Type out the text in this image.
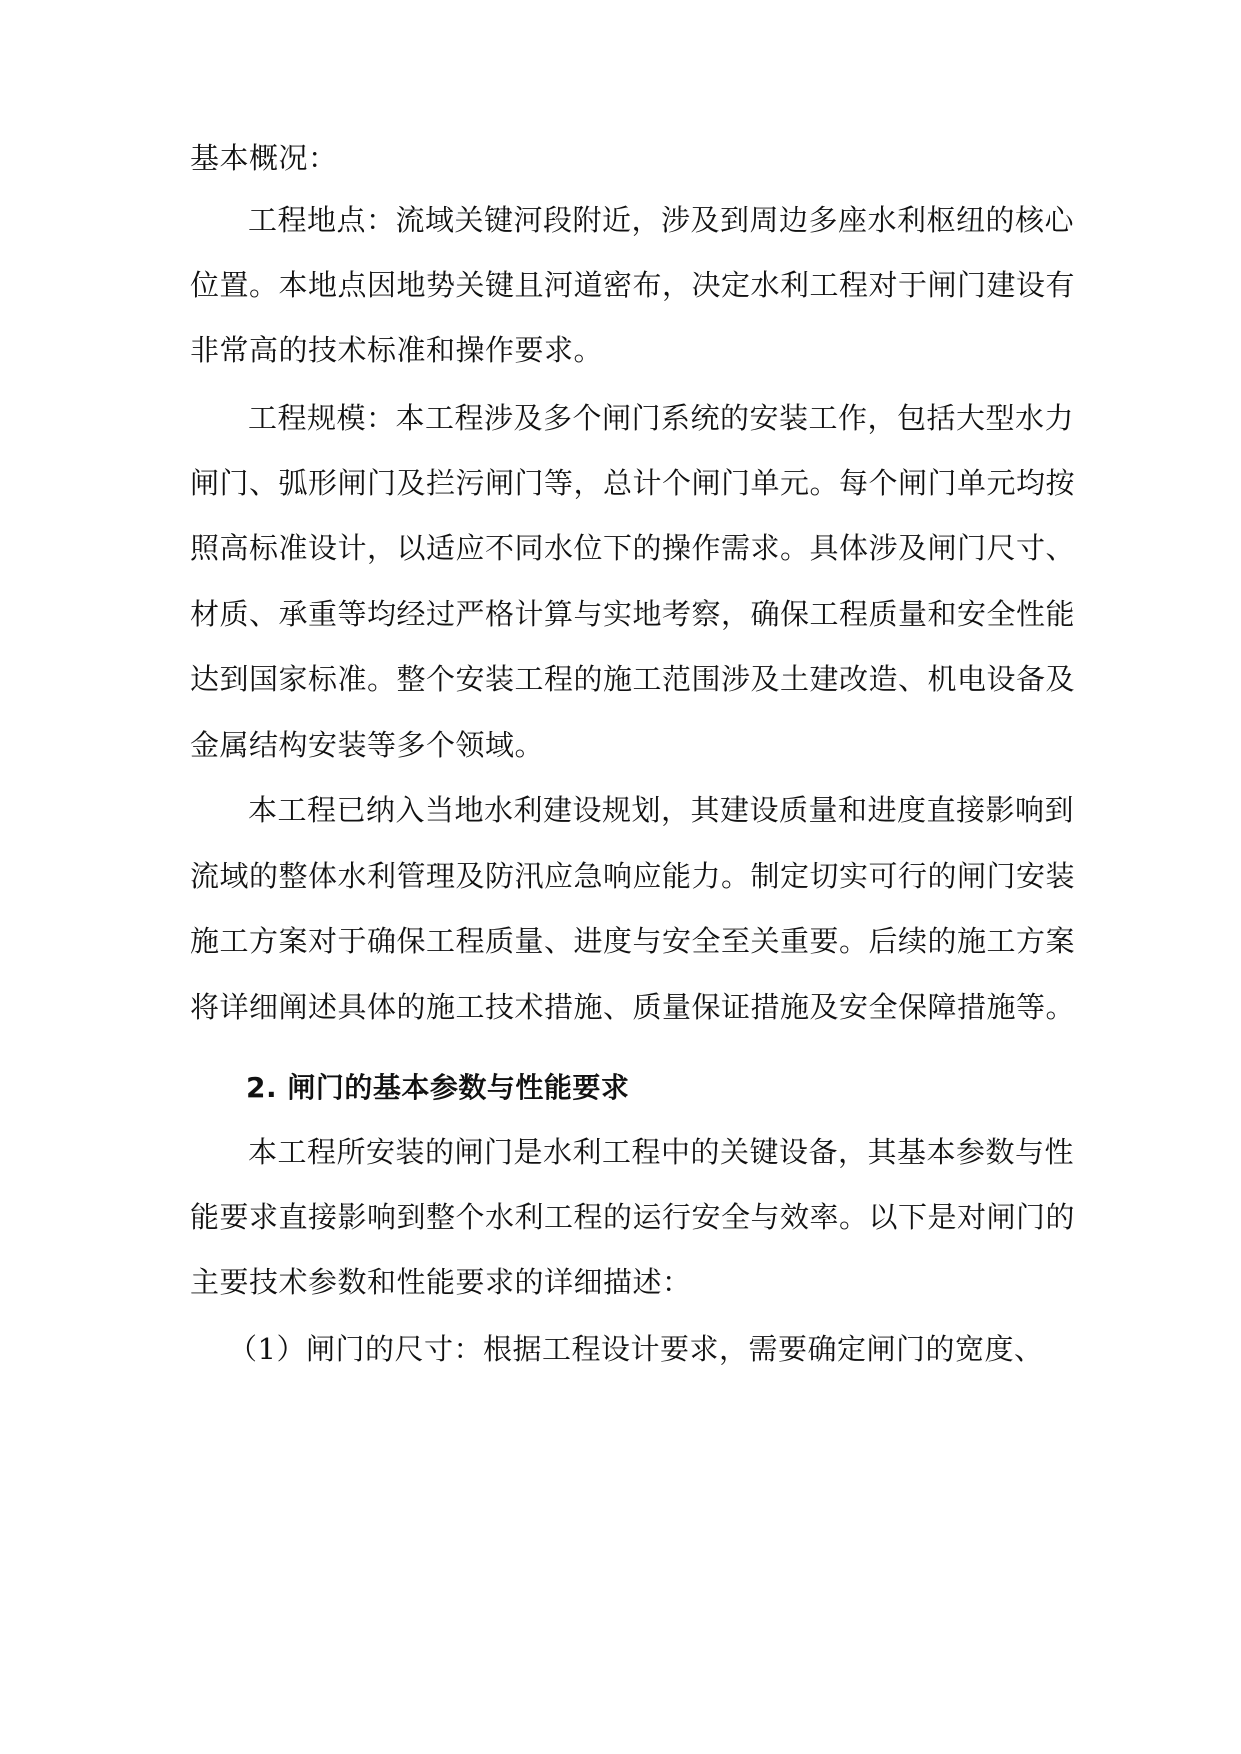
基本概况：
工程地点：流域关键河段附近，涉及到周边多座水利枢纽的核心
位置。本地点因地势关键且河道密布，决定水利工程对于闸门建设有
非常高的技术标准和操作要求。
工程规模：本工程涉及多个闸门系统的安装工作，包括大型水力
闸门、弧形闸门及拦污闸门等，总计个闸门单元。每个闸门单元均按
照高标准设计，以适应不同水位下的操作需求。具体涉及闸门尺寸、
材质、承重等均经过严格计算与实地考察，确保工程质量和安全性能
达到国家标准。整个安装工程的施工范围涉及土建改造、机电设备及
金属结构安装等多个领域。
本工程已纳入当地水利建设规划，其建设质量和进度直接影响到
流域的整体水利管理及防汛应急响应能力。制定切实可行的闸门安装
施工方案对于确保工程质量、进度与安全至关重要。后续的施工方案
将详细阐述具体的施工技术措施、质量保证措施及安全保障措施等。
2. 闸门的基本参数与性能要求
本工程所安装的闸门是水利工程中的关键设备，其基本参数与性
能要求直接影响到整个水利工程的运行安全与效率。以下是对闸门的
主要技术参数和性能要求的详细描述：
（1）闸门的尺寸：根据工程设计要求，需要确定闸门的宽度、
